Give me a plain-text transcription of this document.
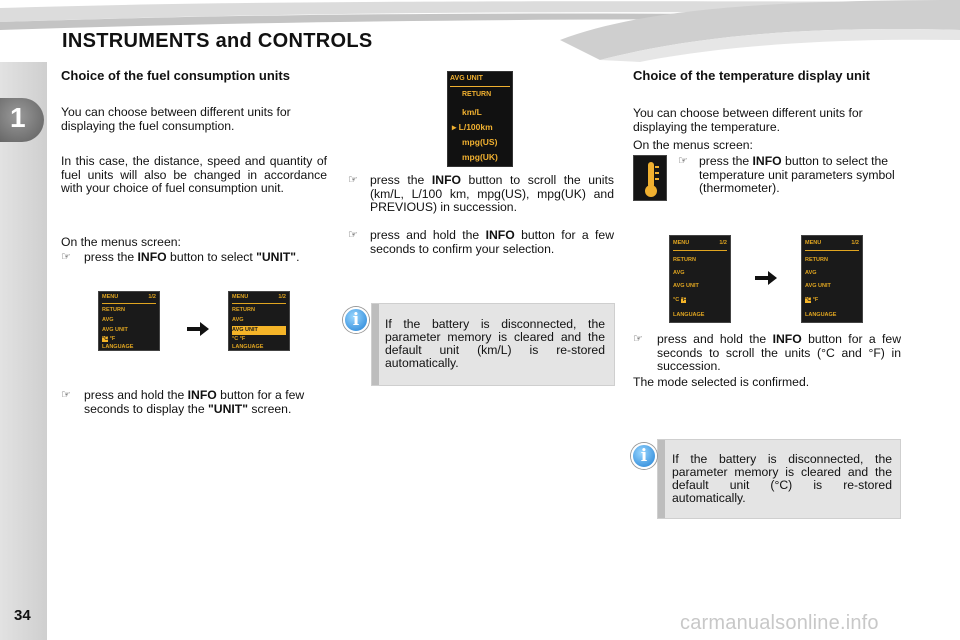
INSTRUMENTS and CONTROLS
1
34
Choice of the fuel consumption units
You can choose between different units for displaying the fuel consumption.
In this case, the distance, speed and quantity of fuel units will also be changed in accordance with your choice of fuel consumption unit.
On the menus screen:
☞	press the INFO button to select "UNIT".
MENU	1/2
RETURN
AVG
AVG UNIT
°C °F
LANGUAGE
MENU	1/2
RETURN
AVG
AVG UNIT
°C °F
LANGUAGE
☞	press and hold the INFO button for a few seconds to display the "UNIT" screen.
AVG UNIT
RETURN
km/L
▸ L/100km
mpg(US)
mpg(UK)
☞ press the INFO button to scroll the units (km/L, L/100 km, mpg(US), mpg(UK) and PREVIOUS) in succession.
☞ press and hold the INFO button for a few seconds to confirm your selection.
If the battery is disconnected, the parameter memory is cleared and the default unit (km/L) is re-stored automatically.
i
Choice of the temperature display unit
You can choose between different units for displaying the temperature.
On the menus screen:
☞ press the INFO button to select the temperature unit parameters symbol (thermometer).
MENU	1/2
RETURN
AVG
AVG UNIT
°C °F
LANGUAGE
MENU	1/2
RETURN
AVG
AVG UNIT
°C °F
LANGUAGE
☞	press and hold the INFO button for a few seconds to scroll the units (°C and °F) in succession.
The mode selected is confirmed.
If the battery is disconnected, the parameter memory is cleared and the default unit (°C) is re-stored automatically.
i
carmanualsonline.info
